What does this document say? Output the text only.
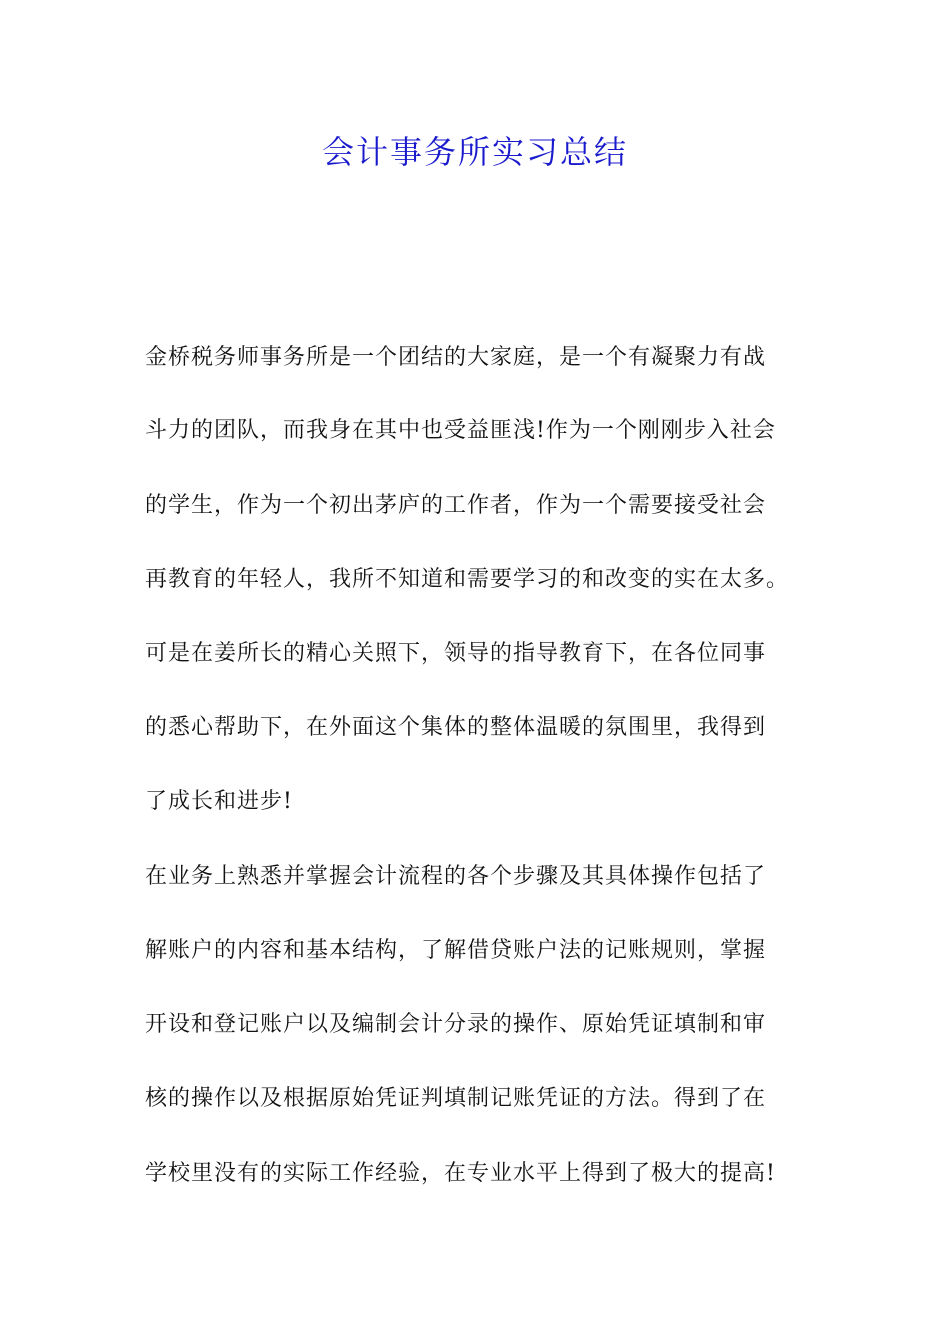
会计事务所实习总结
金桥税务师事务所是一个团结的大家庭，是一个有凝聚力有战
斗力的团队，而我身在其中也受益匪浅!作为一个刚刚步入社会
的学生，作为一个初出茅庐的工作者，作为一个需要接受社会
再教育的年轻人，我所不知道和需要学习的和改变的实在太多。
可是在姜所长的精心关照下，领导的指导教育下，在各位同事
的悉心帮助下，在外面这个集体的整体温暖的氛围里，我得到
了成长和进步!
在业务上熟悉并掌握会计流程的各个步骤及其具体操作包括了
解账户的内容和基本结构，了解借贷账户法的记账规则，掌握
开设和登记账户以及编制会计分录的操作、原始凭证填制和审
核的操作以及根据原始凭证判填制记账凭证的方法。得到了在
学校里没有的实际工作经验，在专业水平上得到了极大的提高!
